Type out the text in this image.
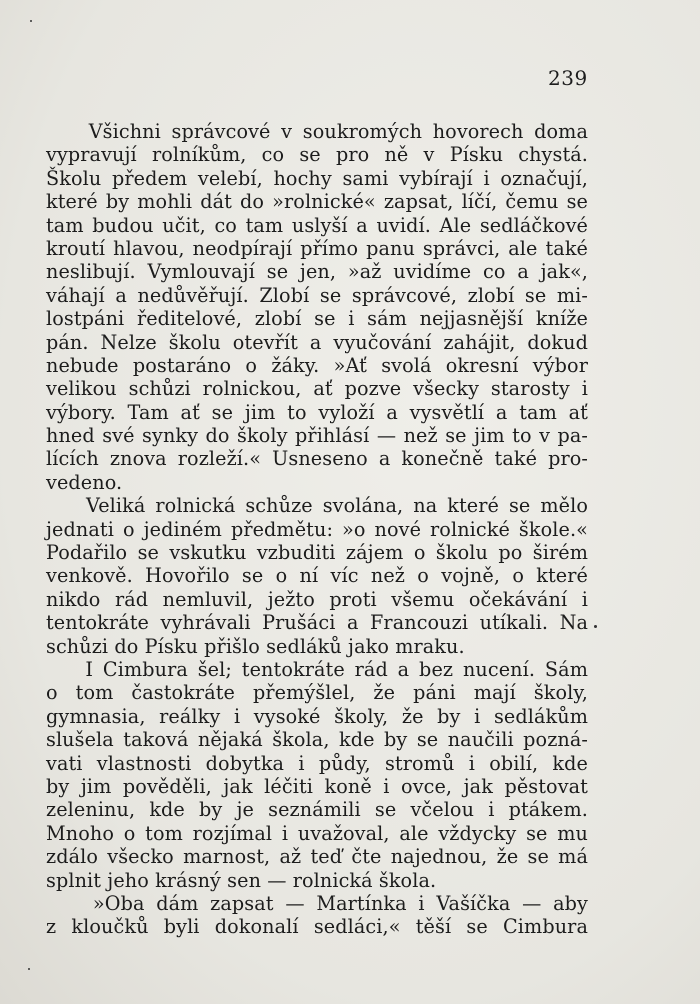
239
Všichni správcové v soukromých hovorech doma
vypravují rolníkům, co se pro ně v Písku chystá.
Školu předem velebí, hochy sami vybírají i označují,
které by mohli dát do »rolnické« zapsat, líčí, čemu se
tam budou učit, co tam uslyší a uvidí. Ale sedláčkové
kroutí hlavou, neodpírají přímo panu správci, ale také
neslibují. Vymlouvají se jen, »až uvidíme co a jak«,
váhají a nedůvěřují. Zlobí se správcové, zlobí se mi-
lostpáni ředitelové, zlobí se i sám nejjasnější kníže
pán. Nelze školu otevřít a vyučování zahájit, dokud
nebude postaráno o žáky. »Ať svolá okresní výbor
velikou schůzi rolnickou, ať pozve všecky starosty i
výbory. Tam ať se jim to vyloží a vysvětlí a tam ať
hned své synky do školy přihlásí — než se jim to v pa-
lících znova rozleží.« Usneseno a konečně také pro-
vedeno.
Veliká rolnická schůze svolána, na které se mělo
jednati o jediném předmětu: »o nové rolnické škole.«
Podařilo se vskutku vzbuditi zájem o školu po širém
venkově. Hovořilo se o ní víc než o vojně, o které
nikdo rád nemluvil, ježto proti všemu očekávání i
tentokráte vyhrávali Prušáci a Francouzi utíkali. Na
schůzi do Písku přišlo sedláků jako mraku.
I Cimbura šel; tentokráte rád a bez nucení. Sám
o tom častokráte přemýšlel, že páni mají školy,
gymnasia, reálky i vysoké školy, že by i sedlákům
slušela taková nějaká škola, kde by se naučili pozná-
vati vlastnosti dobytka i půdy, stromů i obilí, kde
by jim pověděli, jak léčiti koně i ovce, jak pěstovat
zeleninu, kde by je seznámili se včelou i ptákem.
Mnoho o tom rozjímal i uvažoval, ale vždycky se mu
zdálo všecko marnost, až teď čte najednou, že se má
splnit jeho krásný sen — rolnická škola.
»Oba dám zapsat — Martínka i Vašíčka — aby
z kloučků byli dokonalí sedláci,« těší se Cimbura
